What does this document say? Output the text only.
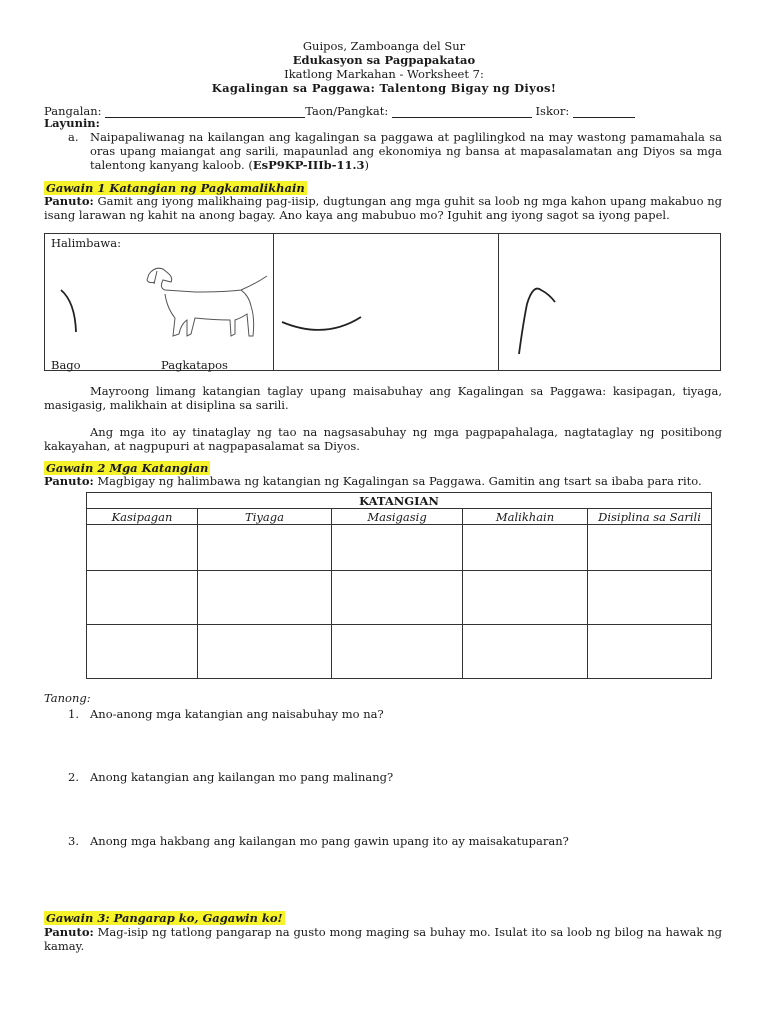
Guipos, Zamboanga del Sur
Edukasyon sa Pagpapakatao
Ikatlong Markahan - Worksheet 7:
Kagalingan sa Paggawa: Talentong Bigay ng Diyos!
Pangalan:	Taon/Pangkat:	Iskor:
Layunin:
a. Naipapaliwanag na kailangan ang kagalingan sa paggawa at paglilingkod na may wastong pamamahala sa oras upang maiangat ang sarili, mapaunlad ang ekonomiya ng bansa at mapasalamatan ang Diyos sa mga talentong kanyang kaloob. (EsP9KP-IIIb-11.3)
Gawain 1 Katangian ng Pagkamalikhain
Panuto: Gamit ang iyong malikhaing pag-iisip, dugtungan ang mga guhit sa loob ng mga kahon upang makabuo ng isang larawan ng kahit na anong bagay. Ano kaya ang mabubuo mo? Iguhit ang iyong sagot sa iyong papel.
Halimbawa:
Bago	Pagkatapos
Mayroong limang katangian taglay upang maisabuhay ang Kagalingan sa Paggawa: kasipagan, tiyaga, masigasig, malikhain at disiplina sa sarili.
Ang mga ito ay tinataglay ng tao na nagsasabuhay ng mga pagpapahalaga, nagtataglay ng positibong kakayahan, at nagpupuri at nagpapasalamat sa Diyos.
Gawain 2 Mga Katangian
Panuto: Magbigay ng halimbawa ng katangian ng Kagalingan sa Paggawa. Gamitin ang tsart sa ibaba para rito.
KATANGIAN				
Kasipagan	Tiyaga	Masigasig	Malikhain	Disiplina sa Sarili

Tanong:
1. Ano-anong mga katangian ang naisabuhay mo na?
2. Anong katangian ang kailangan mo pang malinang?
3. Anong mga hakbang ang kailangan mo pang gawin upang ito ay maisakatuparan?
Gawain 3: Pangarap ko, Gagawin ko!
Panuto: Mag-isip ng tatlong pangarap na gusto mong maging sa buhay mo. Isulat ito sa loob ng bilog na hawak ng kamay.
